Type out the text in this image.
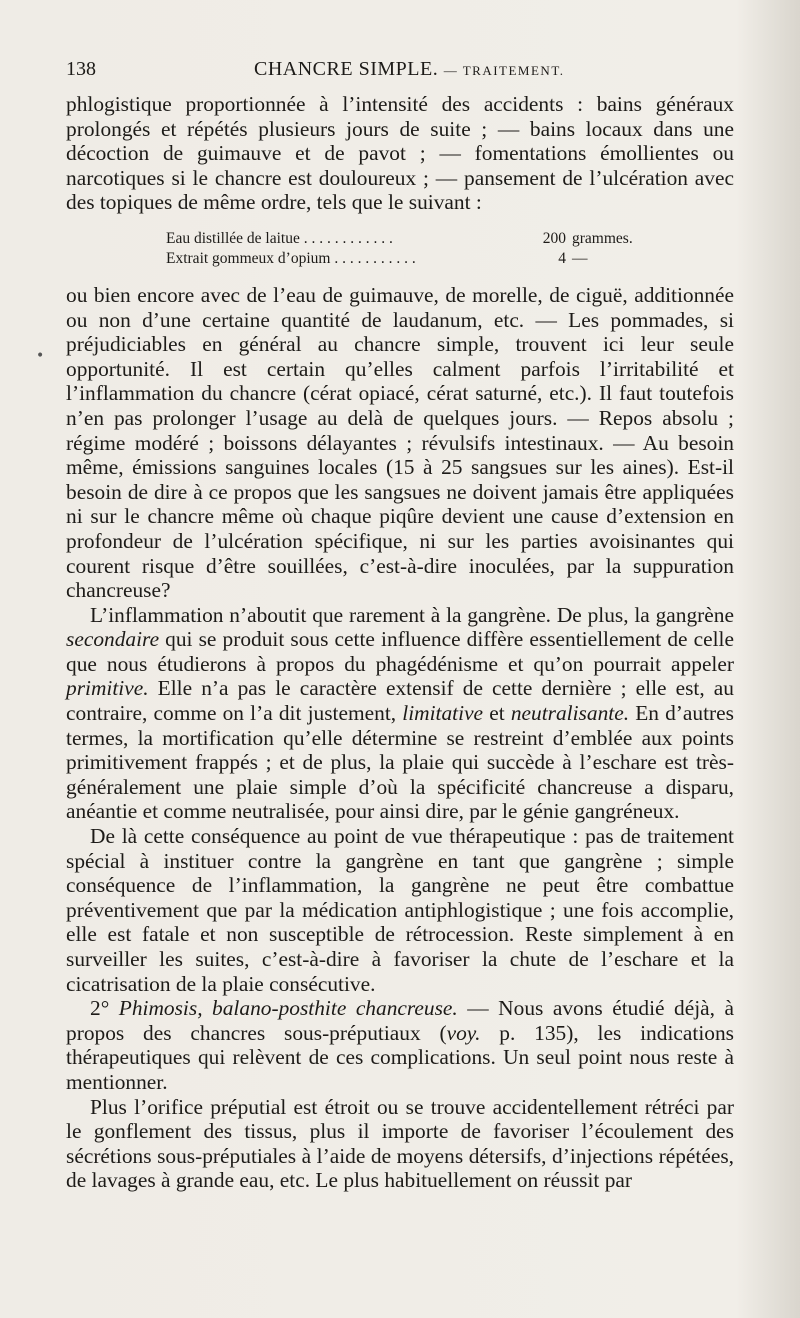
138	CHANCRE SIMPLE. — TRAITEMENT.
•

phlogistique proportionnée à l’intensité des accidents : bains généraux prolongés et répétés plusieurs jours de suite ; — bains locaux dans une décoction de guimauve et de pavot ; — fomentations émollientes ou narcotiques si le chancre est douloureux ; — pansement de l’ulcération avec des topiques de même ordre, tels que le suivant :

Eau distillée de laitue . . . . . . . . . . . .	200 grammes.
Extrait gommeux d’opium . . . . . . . . . . .	4 —

ou bien encore avec de l’eau de guimauve, de morelle, de ciguë, additionnée ou non d’une certaine quantité de laudanum, etc. — Les pommades, si préjudiciables en général au chancre simple, trouvent ici leur seule opportunité. Il est certain qu’elles calment parfois l’irritabilité et l’inflammation du chancre (cérat opiacé, cérat saturné, etc.). Il faut toutefois n’en pas prolonger l’usage au delà de quelques jours. — Repos absolu ; régime modéré ; boissons délayantes ; révulsifs intestinaux. — Au besoin même, émissions sanguines locales (15 à 25 sangsues sur les aines). Est-il besoin de dire à ce propos que les sangsues ne doivent jamais être appliquées ni sur le chancre même où chaque piqûre devient une cause d’extension en profondeur de l’ulcération spécifique, ni sur les parties avoisinantes qui courent risque d’être souillées, c’est-à-dire inoculées, par la suppuration chancreuse?

L’inflammation n’aboutit que rarement à la gangrène. De plus, la gangrène secondaire qui se produit sous cette influence diffère essentiellement de celle que nous étudierons à propos du phagédénisme et qu’on pourrait appeler primitive. Elle n’a pas le caractère extensif de cette dernière ; elle est, au contraire, comme on l’a dit justement, limitative et neutralisante. En d’autres termes, la mortification qu’elle détermine se restreint d’emblée aux points primitivement frappés ; et de plus, la plaie qui succède à l’eschare est très-généralement une plaie simple d’où la spécificité chancreuse a disparu, anéantie et comme neutralisée, pour ainsi dire, par le génie gangréneux.

De là cette conséquence au point de vue thérapeutique : pas de traitement spécial à instituer contre la gangrène en tant que gangrène ; simple conséquence de l’inflammation, la gangrène ne peut être combattue préventivement que par la médication antiphlogistique ; une fois accomplie, elle est fatale et non susceptible de rétrocession. Reste simplement à en surveiller les suites, c’est-à-dire à favoriser la chute de l’eschare et la cicatrisation de la plaie consécutive.

2° Phimosis, balano-posthite chancreuse. — Nous avons étudié déjà, à propos des chancres sous-préputiaux (voy. p. 135), les indications thérapeutiques qui relèvent de ces complications. Un seul point nous reste à mentionner.

Plus l’orifice préputial est étroit ou se trouve accidentellement rétréci par le gonflement des tissus, plus il importe de favoriser l’écoulement des sécrétions sous-préputiales à l’aide de moyens détersifs, d’injections répétées, de lavages à grande eau, etc. Le plus habituellement on réussit par
